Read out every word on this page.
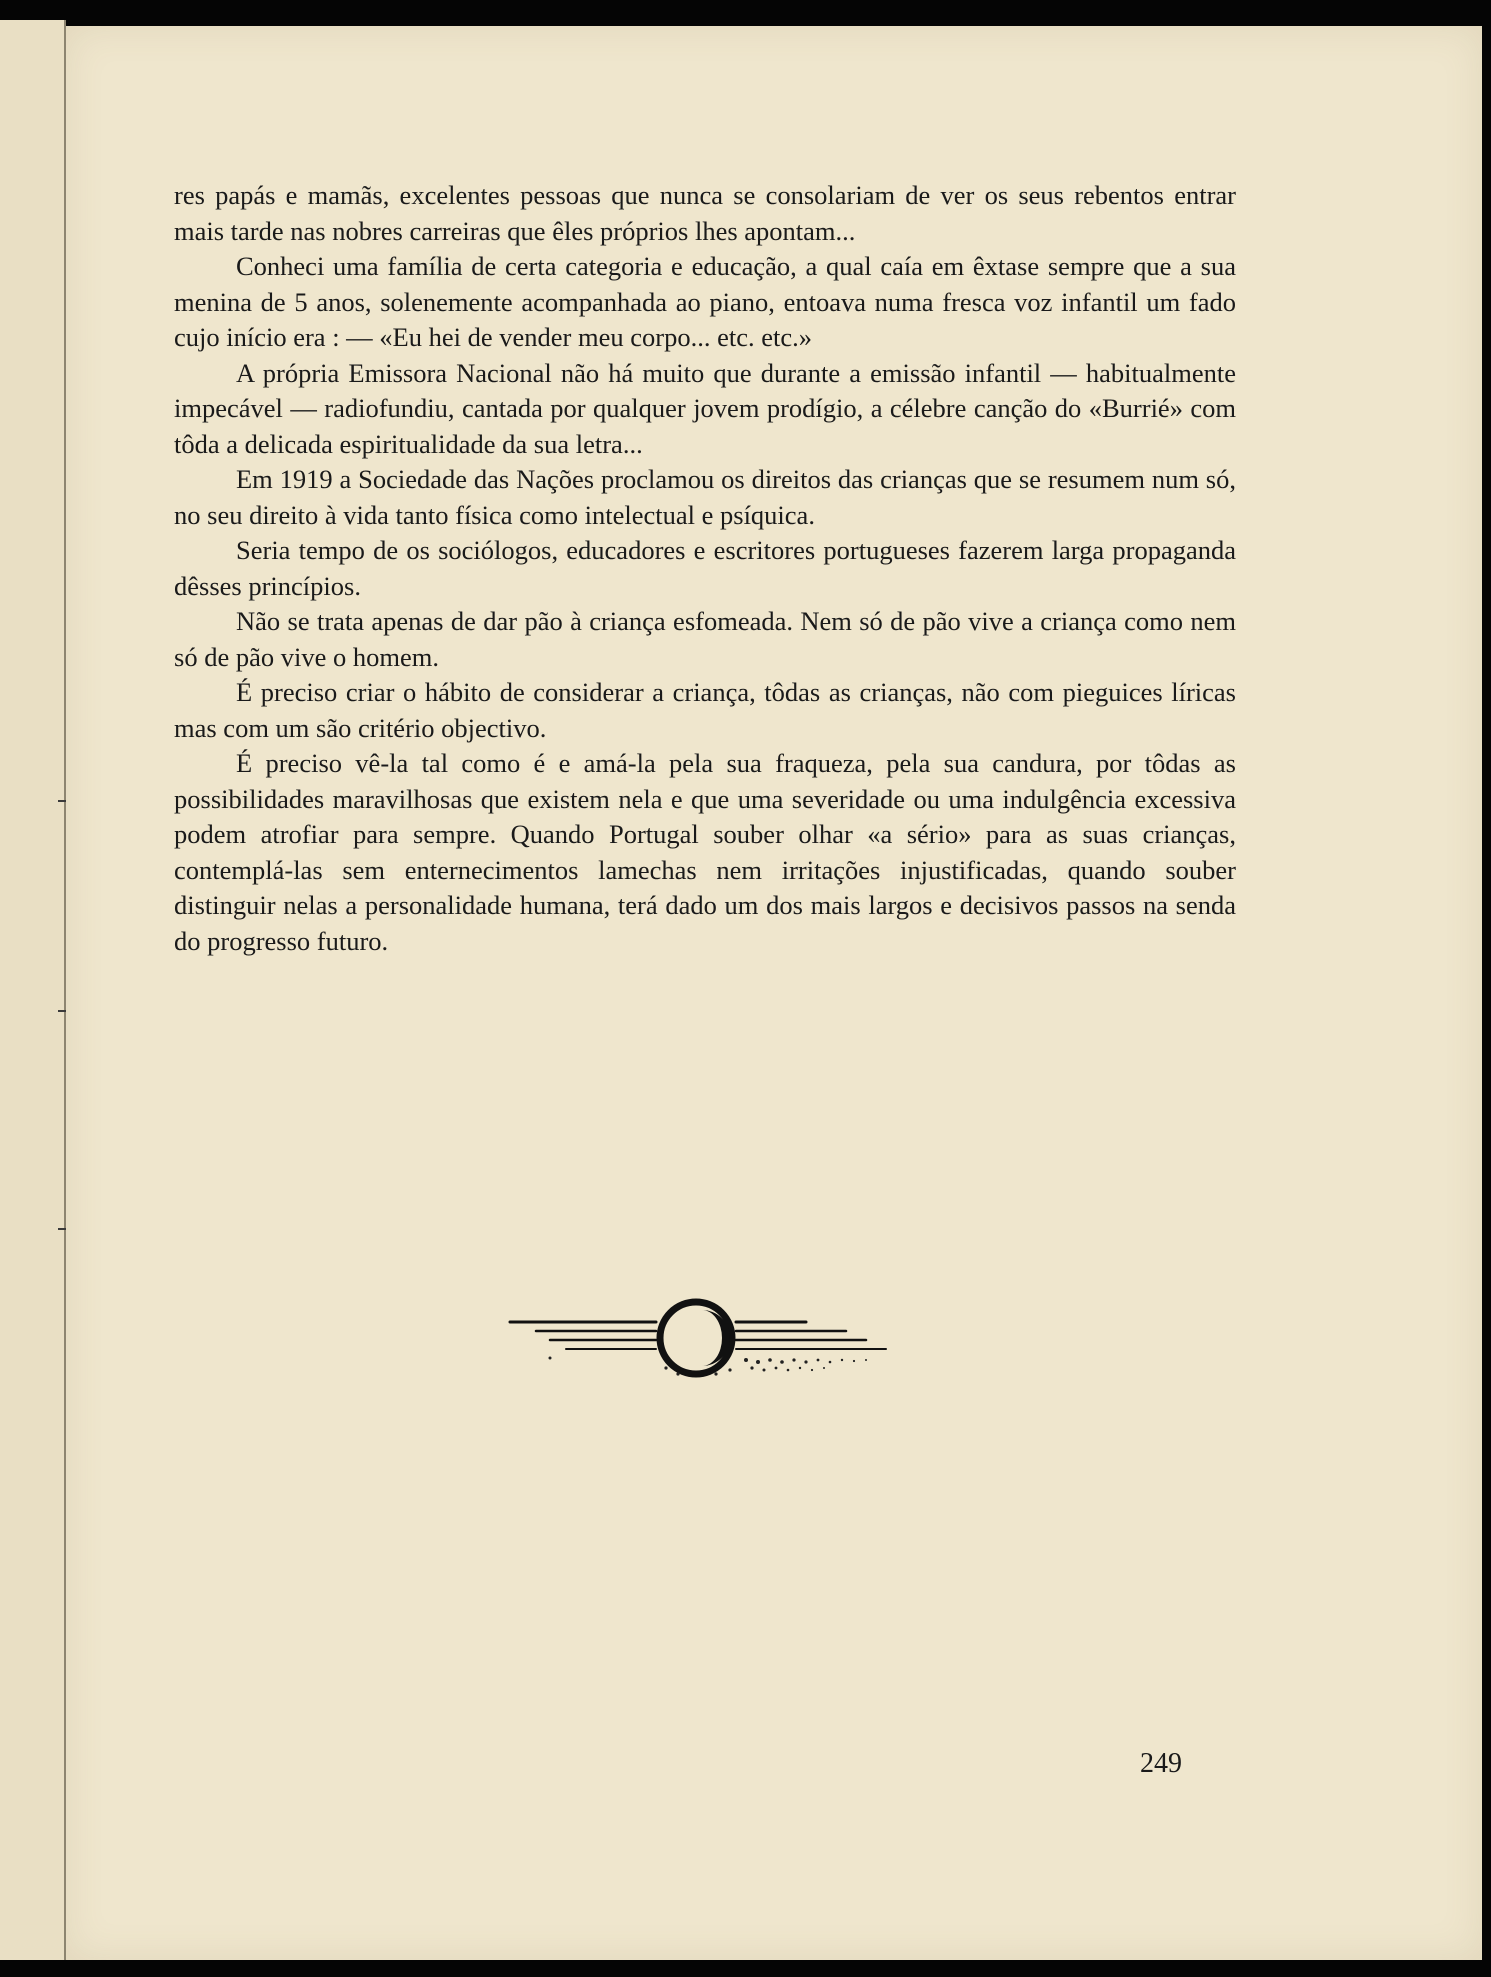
res papás e mamãs, excelentes pessoas que nunca se consolariam de ver os seus rebentos entrar mais tarde nas nobres carreiras que êles próprios lhes apontam...

Conheci uma família de certa categoria e educação, a qual caía em êxtase sempre que a sua menina de 5 anos, solenemente acompanhada ao piano, entoava numa fresca voz infantil um fado cujo início era : — «Eu hei de vender meu corpo... etc. etc.»

A própria Emissora Nacional não há muito que durante a emissão infantil — habitualmente impecável — radiofundiu, cantada por qualquer jovem prodígio, a célebre canção do «Burrié» com tôda a delicada espiritualidade da sua letra...

Em 1919 a Sociedade das Nações proclamou os direitos das crianças que se resumem num só, no seu direito à vida tanto física como intelectual e psíquica.

Seria tempo de os sociólogos, educadores e escritores portugueses fazerem larga propaganda dêsses princípios.

Não se trata apenas de dar pão à criança esfomeada. Nem só de pão vive a criança como nem só de pão vive o homem.

É preciso criar o hábito de considerar a criança, tôdas as crianças, não com pieguices líricas mas com um são critério objectivo.

É preciso vê-la tal como é e amá-la pela sua fraqueza, pela sua candura, por tôdas as possibilidades maravilhosas que existem nela e que uma severidade ou uma indulgência excessiva podem atrofiar para sempre. Quando Portugal souber olhar «a sério» para as suas crianças, contemplá-las sem enternecimentos lamechas nem irritações injustificadas, quando souber distinguir nelas a personalidade humana, terá dado um dos mais largos e decisivos passos na senda do progresso futuro.

249
